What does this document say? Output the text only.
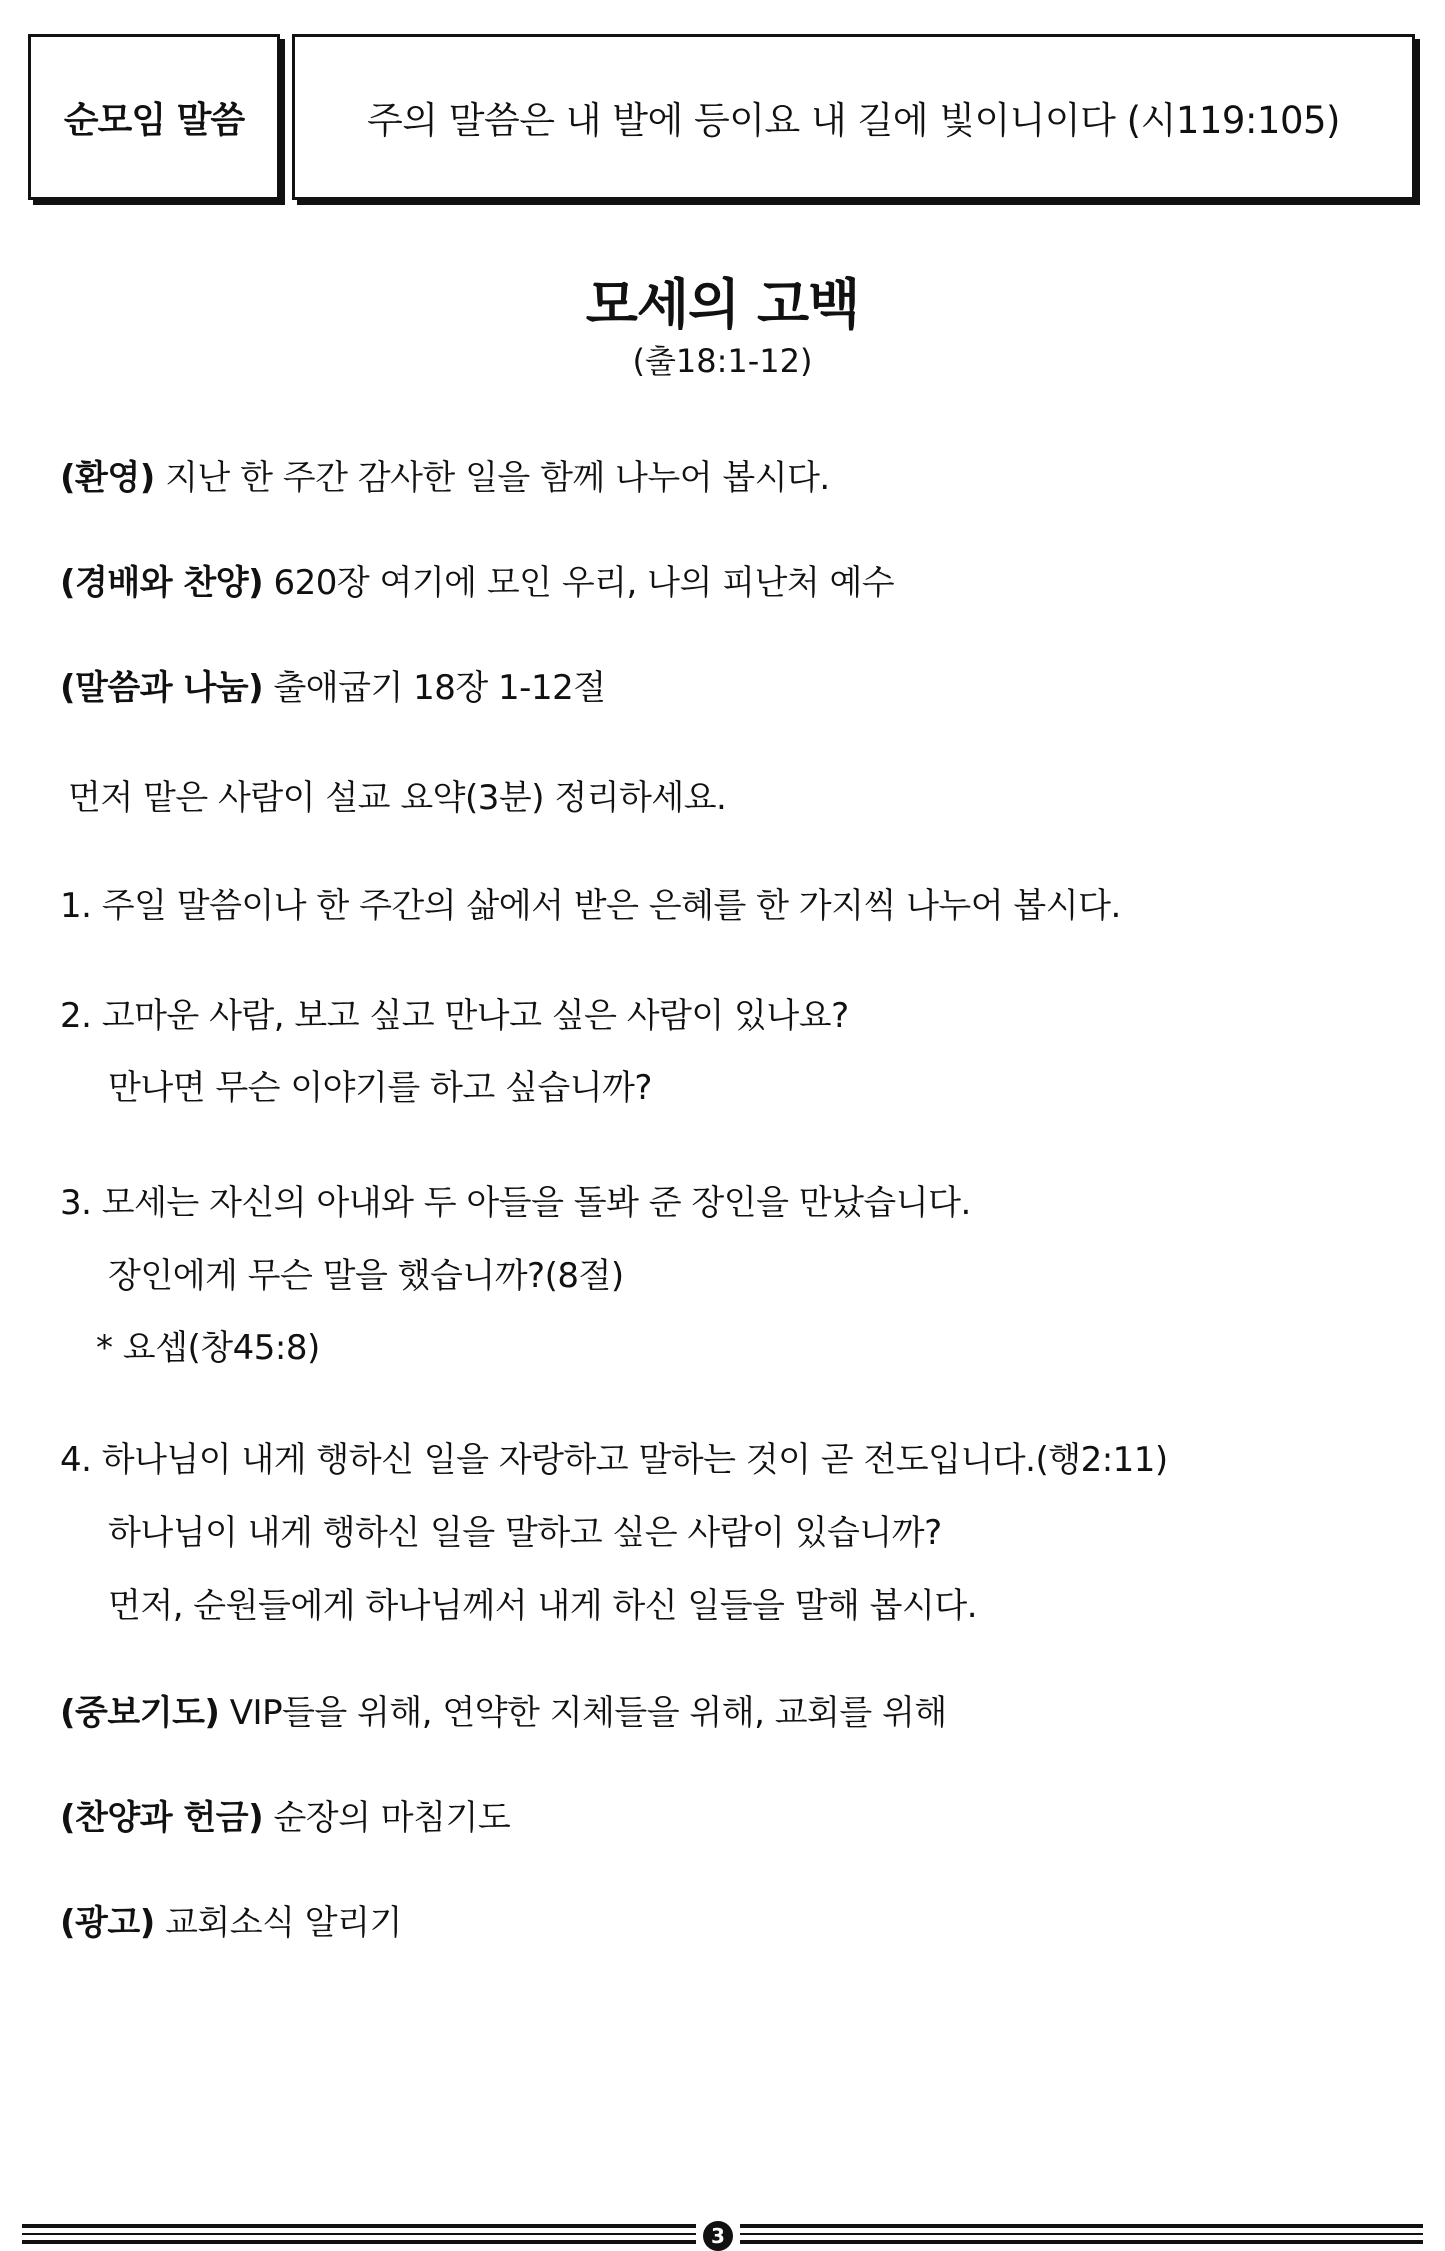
순모임 말씀	주의 말씀은 내 발에 등이요 내 길에 빛이니이다 (시119:105)
모세의 고백
(출18:1-12)
(환영) 지난 한 주간 감사한 일을 함께 나누어 봅시다.
(경배와 찬양) 620장 여기에 모인 우리, 나의 피난처 예수
(말씀과 나눔) 출애굽기 18장 1-12절
먼저 맡은 사람이 설교 요약(3분) 정리하세요.
1. 주일 말씀이나 한 주간의 삶에서 받은 은혜를 한 가지씩 나누어 봅시다.
2. 고마운 사람, 보고 싶고 만나고 싶은 사람이 있나요?
만나면 무슨 이야기를 하고 싶습니까?
3. 모세는 자신의 아내와 두 아들을 돌봐 준 장인을 만났습니다.
장인에게 무슨 말을 했습니까?(8절)
* 요셉(창45:8)
4. 하나님이 내게 행하신 일을 자랑하고 말하는 것이 곧 전도입니다.(행2:11)
하나님이 내게 행하신 일을 말하고 싶은 사람이 있습니까?
먼저, 순원들에게 하나님께서 내게 하신 일들을 말해 봅시다.
(중보기도) VIP들을 위해, 연약한 지체들을 위해, 교회를 위해
(찬양과 헌금) 순장의 마침기도
(광고) 교회소식 알리기
3
